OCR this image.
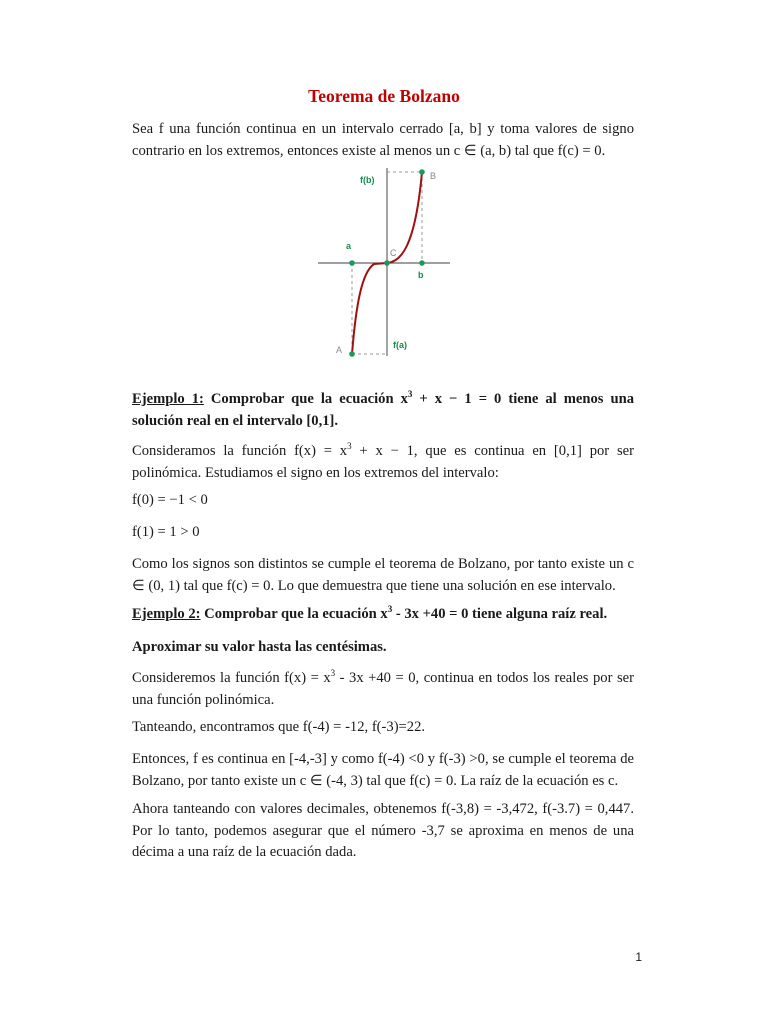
Teorema de Bolzano

Sea f una función continua en un intervalo cerrado [a, b] y toma valores de signo contrario en los extremos, entonces existe al menos un c ∈ (a, b) tal que f(c) = 0.

f(b)	B
a
C
b
A	f(a)

Ejemplo 1: Comprobar que la ecuación $x^3 + x - 1 = 0$ tiene al menos una solución real en el intervalo [0,1].

Consideramos la función $f(x) = x^3 + x - 1$, que es continua en [0,1] por ser polinómica. Estudiamos el signo en los extremos del intervalo:

f(0) = −1 < 0

f(1) = 1 > 0

Como los signos son distintos se cumple el teorema de Bolzano, por tanto existe un c ∈ (0, 1) tal que f(c) = 0. Lo que demuestra que tiene una solución en ese intervalo.

Ejemplo 2: Comprobar que la ecuación $x^3 - 3x +40 = 0$ tiene alguna raíz real.

Aproximar su valor hasta las centésimas.

Consideremos la función $f(x) = x^3 - 3x +40 = 0$, continua en todos los reales por ser una función polinómica.

Tanteando, encontramos que f(-4) = -12, f(-3)=22.

Entonces, f es continua en [-4,-3] y como f(-4) <0 y f(-3) >0, se cumple el teorema de Bolzano, por tanto existe un c ∈ (-4, 3) tal que f(c) = 0. La raíz de la ecuación es c.

Ahora tanteando con valores decimales, obtenemos f(-3,8) = -3,472, f(-3.7) = 0,447. Por lo tanto, podemos asegurar que el número -3,7 se aproxima en menos de una décima a una raíz de la ecuación dada.

1
